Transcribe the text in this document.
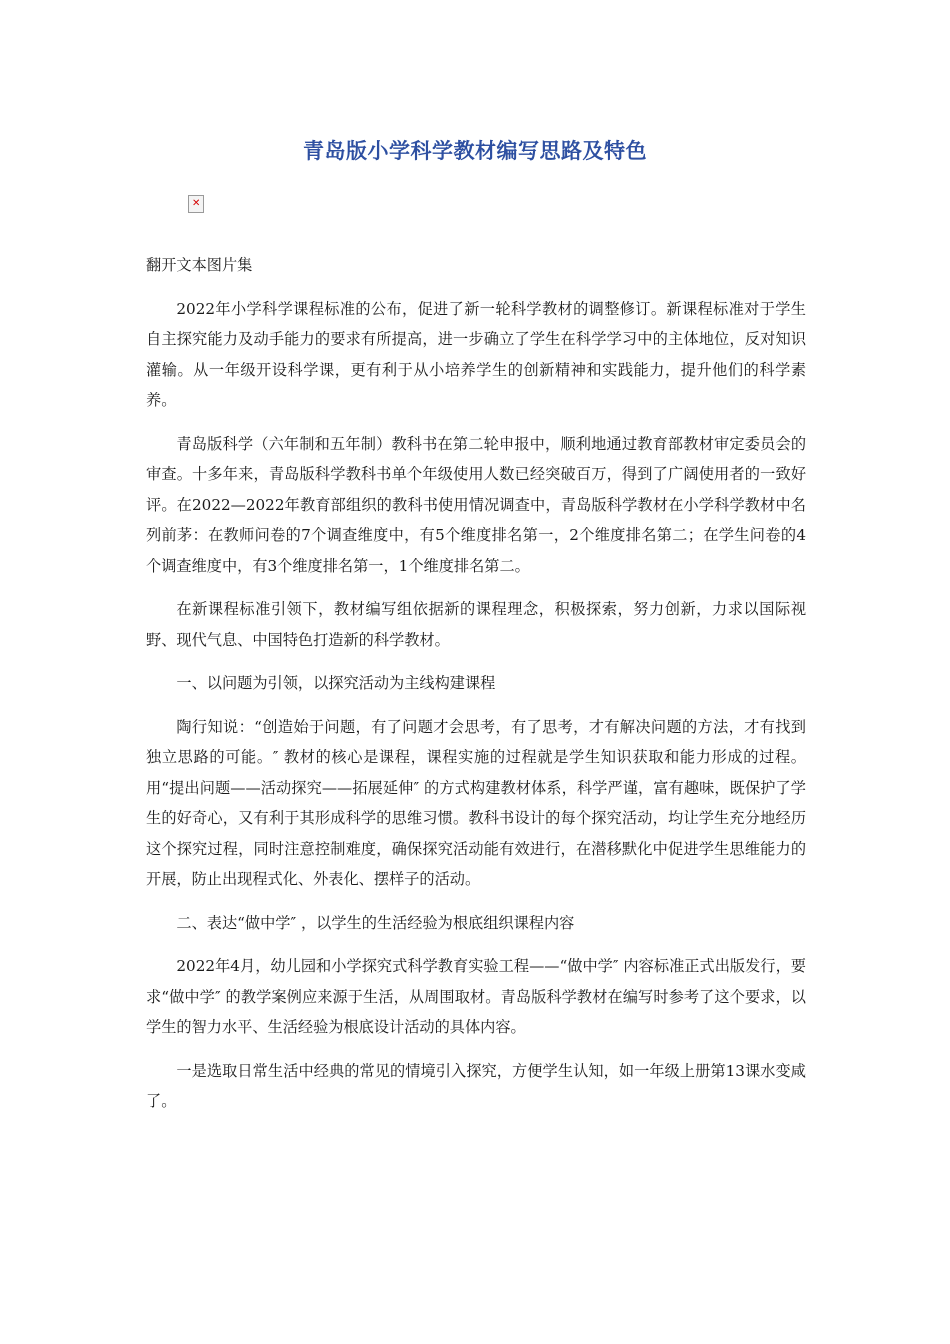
青岛版小学科学教材编写思路及特色
✕

翻开文本图片集

2022年小学科学课程标准的公布，促进了新一轮科学教材的调整修订。新课程标准对于学生自主探究能力及动手能力的要求有所提高，进一步确立了学生在科学学习中的主体地位，反对知识灌输。从一年级开设科学课，更有利于从小培养学生的创新精神和实践能力，提升他们的科学素养。

青岛版科学（六年制和五年制）教科书在第二轮申报中，顺利地通过教育部教材审定委员会的审查。十多年来，青岛版科学教科书单个年级使用人数已经突破百万，得到了广阔使用者的一致好评。在2022—2022年教育部组织的教科书使用情况调查中，青岛版科学教材在小学科学教材中名列前茅：在教师问卷的7个调查维度中，有5个维度排名第一，2个维度排名第二；在学生问卷的4个调查维度中，有3个维度排名第一，1个维度排名第二。

在新课程标准引领下，教材编写组依据新的课程理念，积极探索，努力创新，力求以国际视野、现代气息、中国特色打造新的科学教材。

一、以问题为引领，以探究活动为主线构建课程

陶行知说：“创造始于问题，有了问题才会思考，有了思考，才有解决问题的方法，才有找到独立思路的可能。″ 教材的核心是课程，课程实施的过程就是学生知识获取和能力形成的过程。用“提出问题——活动探究——拓展延伸″ 的方式构建教材体系，科学严谨，富有趣味，既保护了学生的好奇心，又有利于其形成科学的思维习惯。教科书设计的每个探究活动，均让学生充分地经历这个探究过程，同时注意控制难度，确保探究活动能有效进行，在潜移默化中促进学生思维能力的开展，防止出现程式化、外表化、摆样子的活动。

二、表达“做中学″ ，以学生的生活经验为根底组织课程内容

2022年4月，幼儿园和小学探究式科学教育实验工程——“做中学″ 内容标准正式出版发行，要求“做中学″ 的教学案例应来源于生活，从周围取材。青岛版科学教材在编写时参考了这个要求，以学生的智力水平、生活经验为根底设计活动的具体内容。

一是选取日常生活中经典的常见的情境引入探究，方便学生认知，如一年级上册第13课水变咸了。
